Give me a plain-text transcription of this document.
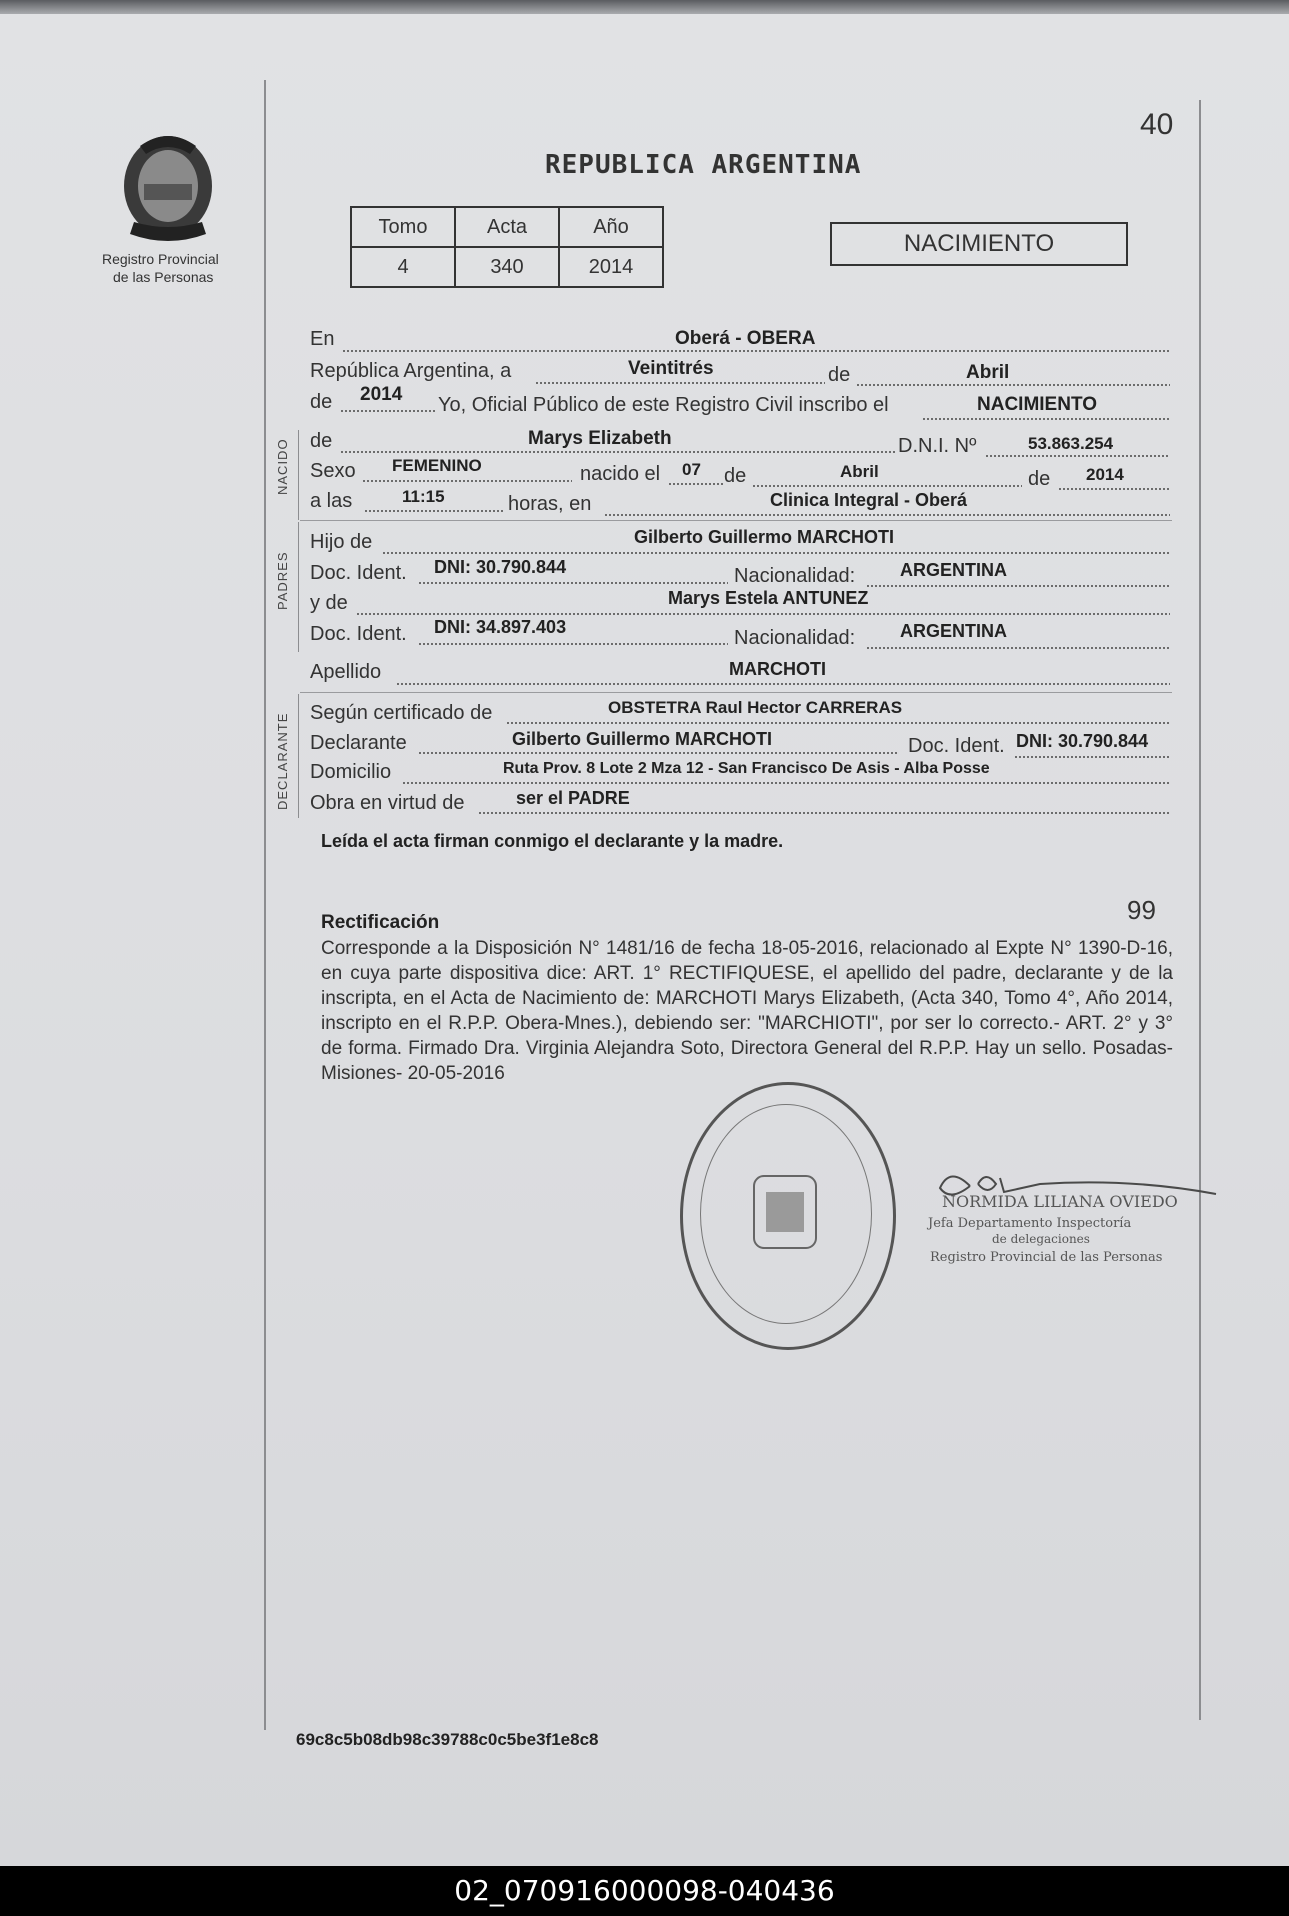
Registro Provincial
de las Personas
40
REPUBLICA ARGENTINA
Tomo	Acta	Año
4	340	2014
NACIMIENTO
NACIDO
PADRES
DECLARANTE
En	Oberá - OBERA
República Argentina, a	Veintitrés	de	Abril
de 2014 Yo, Oficial Público de este Registro Civil inscribo el	NACIMIENTO
de	Marys Elizabeth	D.N.I. Nº	53.863.254
Sexo FEMENINO	nacido el 07 de	Abril	de 2014
a las	11:15	horas, en	Clinica Integral - Oberá
Hijo de	Gilberto Guillermo MARCHOTI
Doc. Ident. DNI: 30.790.844	Nacionalidad: ARGENTINA
y de	Marys Estela ANTUNEZ
Doc. Ident. DNI: 34.897.403	Nacionalidad: ARGENTINA
Apellido	MARCHOTI
Según certificado de	OBSTETRA Raul Hector CARRERAS
Declarante	Gilberto Guillermo MARCHOTI	Doc. Ident. DNI: 30.790.844
Domicilio	Ruta Prov. 8 Lote 2 Mza 12 - San Francisco De Asis - Alba Posse
Obra en virtud de	ser el PADRE
Leída el acta firman conmigo el declarante y la madre.
Rectificación	99
Corresponde a la Disposición N° 1481/16 de fecha 18-05-2016, relacionado al Expte N° 1390-D-16, en cuya parte dispositiva dice: ART. 1° RECTIFIQUESE, el apellido del padre, declarante y de la inscripta, en el Acta de Nacimiento de: MARCHOTI Marys Elizabeth, (Acta 340, Tomo 4°, Año 2014, inscripto en el R.P.P. Obera-Mnes.), debiendo ser: "MARCHIOTI", por ser lo correcto.- ART. 2° y 3° de forma. Firmado Dra. Virginia Alejandra Soto, Directora General del R.P.P. Hay un sello. Posadas- Misiones- 20-05-2016
NORMIDA LILIANA OVIEDO
Jefa Departamento Inspectoría
de delegaciones
Registro Provincial de las Personas
69c8c5b08db98c39788c0c5be3f1e8c8
02_070916000098-040436
